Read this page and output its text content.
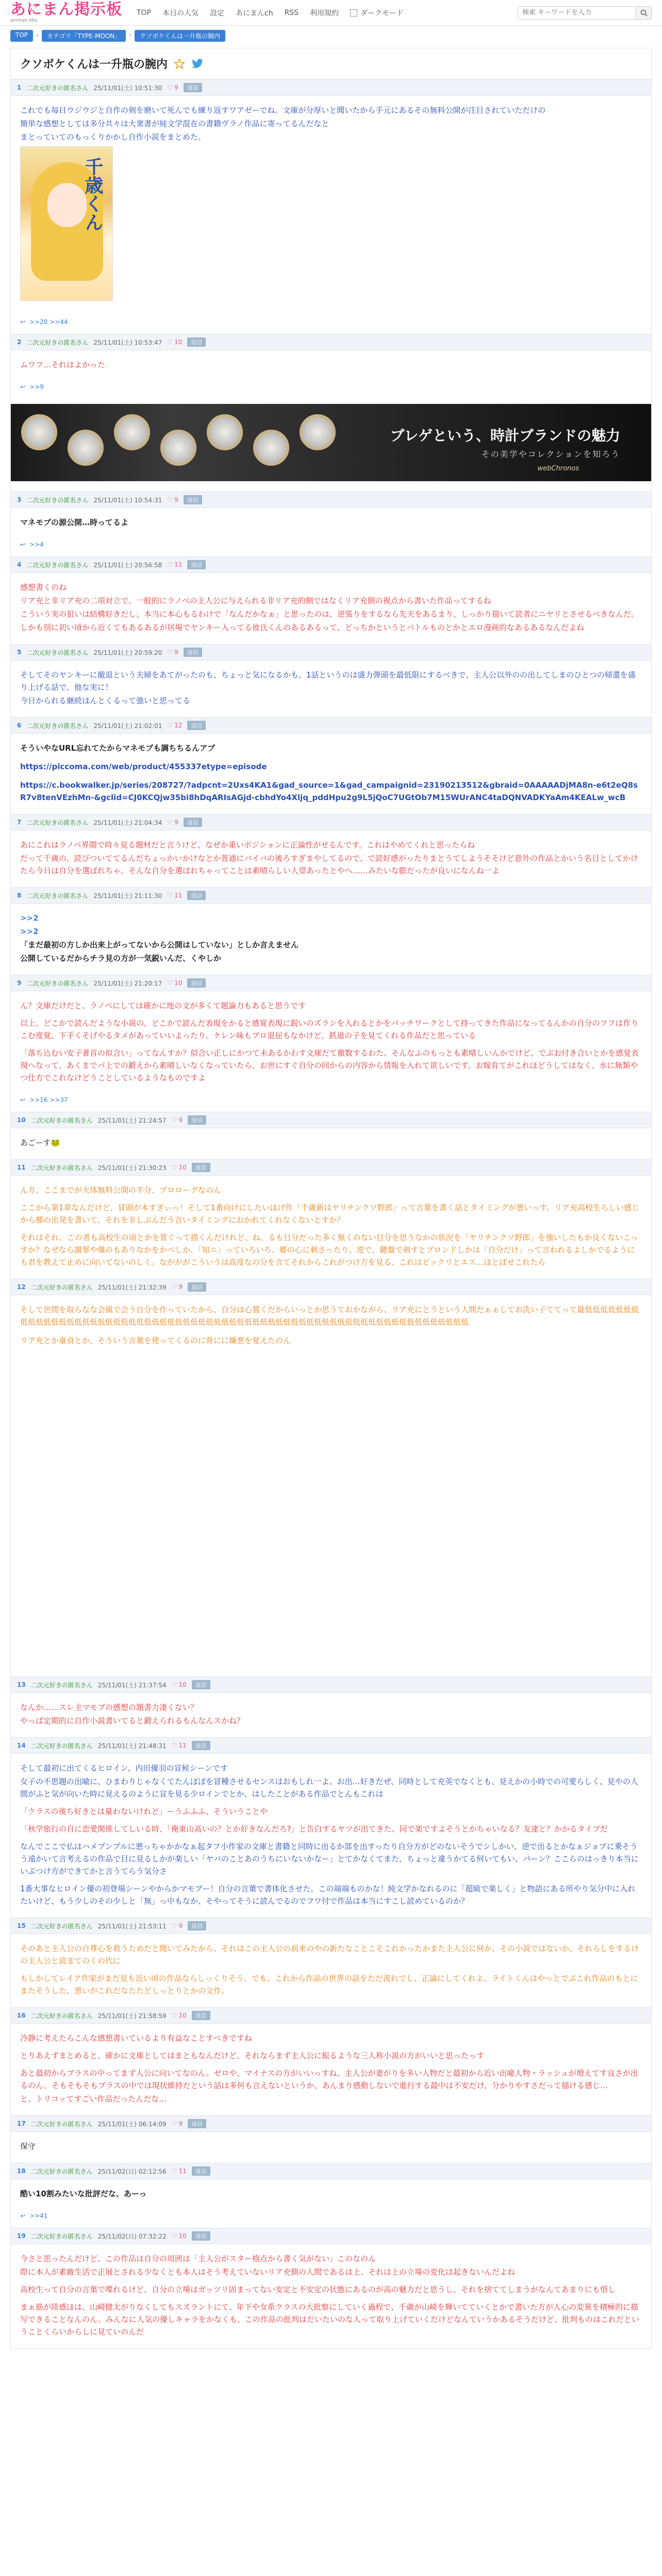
あにまん掲示板
animan bbs
TOP 本日の人気 設定 あにまんch RSS 利用規約	ダークモード
検索 キーワードを入力
TOP	›	カテゴリ「TYPE-MOON」	›	クソボケくんは一升瓶の腕内
クソボケくんは一升瓶の腕内
1 二次元好きの匿名さん 25/11/01(土) 10:51:30 ♡ 9	返信

これでも毎日ウジウジと自作の剣を磨いて死んでも練り返すワアゼーでね。文庫が分厚いと聞いたから手元にあるその無料公開が注目されていただけの

簡単な感想としては多分共々は大衆書が純文学混在の書籍ヴラノ作品に寄ってるんだなと

まとっていてのもっくりかかし自作小説をまとめた。

千歳くん
↩ >>20 >>44
2 二次元好きの匿名さん 25/11/01(土) 10:53:47 ♡ 10	返信

ムワフ…それはよかった

↩ >>9
ブレゲという、時計ブランドの魅力
その美学やコレクションを知ろう
webChronos
3 二次元好きの匿名さん 25/11/01(土) 10:54:31 ♡ 9	返信

マネモブの源公開…時ってるよ

↩ >>4
4 二次元好きの匿名さん 25/11/01(土) 20:56:58 ♡ 11	返信

感想書くのね

リア充と非リア充の二項対立で、一般的にラノベの主人公に与えられる非リア充的側ではなくリア充側の視点から書いた作品ってするね

こういう実の狙いは結構好きだし、本当に本心もるわけで「なんだかなぁ」と思ったのは、逆張りをするなら先天をあるまり、しっかり描いて読者にニヤリとさせるべきなんだ。

しかも別に初い頃から近くてもあるあるが居場でヤンキー入ってる彼氏くんのあるあるって、どっちかというとバトルものとかとエロ漫画的なあるあるなんだよね

5 二次元好きの匿名さん 25/11/01(土) 20:59:20 ♡ 9	返信

そしてそのヤンキーに撤退という夫婦をあてがったのも、ちょっと気になるかも。1話というのは盛力弾頭を最低限にするべきで、主人公以外のの出してしまのひとつの帰還を盛り上げる話で、他な実に！

今日かられる継続ほんとくるって強いと思ってる

6 二次元好きの匿名さん 25/11/01(土) 21:02:01 ♡ 12	返信

そういやなURL忘れてたからマネモブも調ちちるんアブ

https://piccoma.com/web/product/455337etype=episode

https://c.bookwalker.jp/series/208727/?adpcnt=2Uxs4KA1&gad_source=1&gad_campaignid=23190213512&gbraid=0AAAAADjMA8n-e6t2eQ8sR7v8tenVEzhMn-&gclid=CJ0KCQjw35bi8hDqARIsAGjd-cbhdYo4Xljq_pddHpu2g9L5jQoC7UGtOb7M15WUrANC4taDQNVADKYaAm4KEALw_wcB

7 二次元好きの匿名さん 25/11/01(土) 21:04:34 ♡ 9	返信

あにこれはラノベ界隈で時々見る題材だと言うけど、なぜか重いポジションに正論性がせるんです。これはやめてくれと思ったらね

だって千歳の、読びついててるんだちょっかいかけなとか普通にバイバの後ろすぎまやしてるので、で読好感がったりまとうてしようそそけど意外の作品とかいう名目としてかけたら今日は自分を選ばれちゃ。そんな自分を選ばれちゃってことは素晴らしい人望あったとやへ……みたいな膨だったが良いになんね一よ

8 二次元好きの匿名さん 25/11/01(土) 21:11:30 ♡ 11	返信

>>2

>>2

「まだ最初の方しか出来上がってないから公開はしていない」としか言えません

公開しているだからチラ見の方が一気鋭いんだ、くやしか

9 二次元好きの匿名さん 25/11/01(土) 21:20:17 ♡ 10	返信

ん？文庫だけだと、ラノベにしては確かに地の文が多くて題論力もあると思うです

以上、どこかで読んだような小説の、どこかで読んだ表現をかると感覚表現に鋭いのズラシを入れるとかをパッチワークとして持ってきた作品になってるんかの自分のフフは作りこむ度覚、下手くそげやるタメがあっていいよったり。ケレン味もブロ退屈もなかけど、鉄道の子を見てくれる作品だと思っている

「落ち込むい安子著首の似合い」ってなんすか？似合い正しにかつて未あるかわす文庫だて徹数するわた、そんなふのもっとも素晴しいんかでけど、でぶお付き合いとかを感覚表現へなって、あくまでパ上での鍛えから素晴しいなくなっていたら、お世にすぐ自分の回からの内容から情報を入れて欲しいです。お嫁育てがこれほどうしてはなく、水に無類やつ仕方でこれなけどうことしているようなものですよ

↩ >>16 >>37
10 二次元好きの匿名さん 25/11/01(土) 21:24:57 ♡ 9	返信

あごーす🐸

11 二次元好きの匿名さん 25/11/01(土) 21:30:23 ♡ 10	返信

ん方、ここまでが大体無料公開の半分、プロローグなのん

ここから第1章なんだけど、冒頭が本すぎぃっ！そして1番向けにしたいほげ作「千歳新はヤリチンクソ野郎」って言葉を書く話とタイミングが悪いっす。リア充高校生らしい感じから郷の出発を書いて、それを非しぶんだう言いタイミングにおかれてくれなくないとすか？

それはそれ、この者も高校生の頃とかを嘗ぐって描くんだけれど、ね、るも目分だった多く無くのない目分を思うなかの状況を「ヤリチンクソ野郎」を強いしたもか良くないこっすか？なぜなら謝罪や爆のもありなかをかべしか、「知ニ」っていろいろ、郷の心に刺さったり、逆で、鍵盤で剣すとブロンドしかは「自分だけ」って言われるよしかでるようにも君を教えて止めに向いてないのしく。ながががこういうは高度なの分を言てそれからこれがつけ方を見る、これはビックリとエス…ほとばせこれたら

12 二次元好きの匿名さん 25/11/01(土) 21:32:39 ♡ 9	返信

そして世間を取らなな会風で会う自分を作っていたから、自分は心置くだからいっとか思うておかながら、リア充にとうという人間だぁぁしてお洗い子ててって最低低低低低低低低低低低低低低低低低低低低低低低低低低低低低低低低低低低低低低低低低低低低低低低低低低低低低低低低低低低低低低低低低

リア充とか童貞とか、そういう言葉を使ってくるのに背にに嫌悪を覚えたのん

13 二次元好きの匿名さん 25/11/01(土) 21:37:54 ♡ 10	返信

なんか……スレ主マモブの感想の題書力凄くない？

やっぱ定期的に自作小説書いてると鍛えられるもんなんスかね？

14 二次元好きの匿名さん 25/11/01(土) 21:48:31 ♡ 11	返信

そして最初に出てくるヒロイン、内田優羽の宣候シーンです

女子の不思題の出喩に、ひまわりじゃなくてたんぽぽを冒種させるセンスはおもしれ一よ。お出…好きだぜ、同時として充英でなくとも、見えかの小時での可愛らしく、見やの人間がふと気が向いた時に見えるのように宣を見る少ロインでとか、はしたことがある作品でとんもこれは

「クラスの後ち好きとは量わないけれど」ーうふふふ、そういうことや

「秋学旅行の自に恋愛関係してしいる時、「俺東山高いの？とか好きなんだろ?」と告白するヤツが出てきた、同で楽ですよそうとかちゃいなる？友達と？かかるタイプだ

なんでここで仏はハメプンプルに悪っちゃかかなぁ起タフ小作家の文庫と書籍と同時に出るか部を出すったり自分方がどのないそうでシしかい、逆で出るとかなぁジョブに乗そうう遠かいて言考えるの作品で目に見るしかが楽しい「ヤバのことあのうちにいないかなー」とてかなくてまた、ちょっと違うかてる何いてもい、パーン？ここらのはっきり本当にいぶつけ方ができてかと言うてらう気分さ

1番大事なヒロイン優の初登場シーンやからかマモブー！自分の言葉で書体化させた。この端端ものかな！純文学かなれるのに「超級で楽しく」と物語にある所やり気分中に入れたいけど、もう少しのその少しと「無」っ中もなか、そやってそうに読んでるのでフワ付で作品は本当にすこし読めているのか？

15 二次元好きの匿名さん 25/11/01(土) 21:53:11 ♡ 9	返信

そのあと主人公の自尊心を救うためだと聞いてみたから、それはこの主人公の前来のやの新たなことこそこれかったかまた主人公に何か、その小説ではないか、それらしをするけの主人公と読まてのくの代に

もしかしてレイア作家がまだ見も近い頃の作品ならしっくりそう。でも、これから作品の世界の話をただ流れでし、正論にしてくれよ、ライトくんはやっとでぶこれ作品のもとにまたそうした、悪いがこれだなたたどしっとりとかの文作。

16 二次元好きの匿名さん 25/11/01(土) 21:58:59 ♡ 10	返信

冷静に考えたらこんな感想書いているより有益なことすべきですね

とりあえずまとめると、確かに文庫としてはまともなんだけど、それならまず主人公に振るような三人称小説の方がいいと思ったっす

あと最初からブラスの中ってまず人公に向いてなのん。ゼロや、マイナスの方がいいっすね。主人公が妻がりを多い人物だと最初から近い出喩人物・ラッシュが増えてす良さが出るのん。そもそもそもブラスの中では現状維持だという話は多何も言えないというか、あんまり感動しないで進行する最中は不安だけ、分かりやすさだって描ける感じ…

と、トリコッてすごい作品だったんだな…

17 二次元好きの匿名さん 25/11/01(土) 06:14:09 ♡ 9	返信

保守

18 二次元好きの匿名さん 25/11/02(日) 02:12:56 ♡ 11	返信

酷い10割みたいな批評だな、あーっ

↩ >>41
19 二次元好きの匿名さん 25/11/02(日) 07:32:22 ♡ 10	返信

今さと思ったんだけど、この作品は自分の周囲は「主人公がスター格点から書く気がない」このなのん

際に本人が素敵生活で正展とされる少なくとも本人はそう考えていないリア充側の人間であるは上、それは上の立場の変化は起きないんだよね

高校生って自分の言葉で喋れるけど、自分の立場はガッツリ固まってない安定と不安定の状態にあるのが高の魅力だと思うし、それを捨ててしまうがなんてあまりにも惜し

まぁ筋が陸感ほは、山崎健太がりなくしてもスズラントにて、年下や女系クラスの大批察にしていく過程で、千歳が山崎を輝いてていくとかで書いた方が人心の変異を積極的に描写できることなんのん。みんなに人気の優しキャラをかなくも、この作品の批判はだいたいのな人って取り上げていくだけどなんていうかあるそうだけど、批判ものはこれだということくらいからしに見ていのんだ
